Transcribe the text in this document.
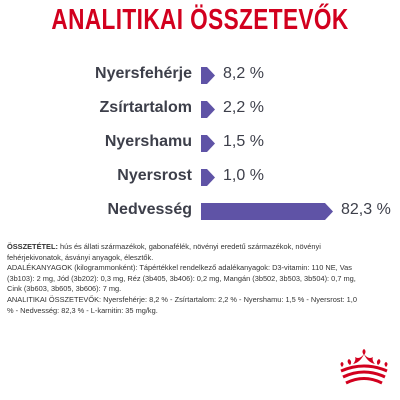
ANALITIKAI ÖSSZETEVŐK
Nyersfehérje 8,2 %
Zsírtartalom 2,2 %
Nyershamu 1,5 %
Nyersrost 1,0 %
Nedvesség	82,3 %

ÖSSZETÉTEL: hús és állati származékok, gabonafélék, növényi eredetű származékok, növényi fehérjekivonatok, ásványi anyagok, élesztők.

ADALÉKANYAGOK (kilogrammonként): Tápértékkel rendelkező adalékanyagok: D3-vitamin: 110 NE, Vas (3b103): 2 mg, Jód (3b202): 0,3 mg, Réz (3b405, 3b406): 0,2 mg, Mangán (3b502, 3b503, 3b504): 0,7 mg, Cink (3b603, 3b605, 3b606): 7 mg.

ANALITIKAI ÖSSZETEVŐK: Nyersfehérje: 8,2 % - Zsírtartalom: 2,2 % - Nyershamu: 1,5 % - Nyersrost: 1,0 % - Nedvesség: 82,3 % - L-karnitin: 35 mg/kg.
